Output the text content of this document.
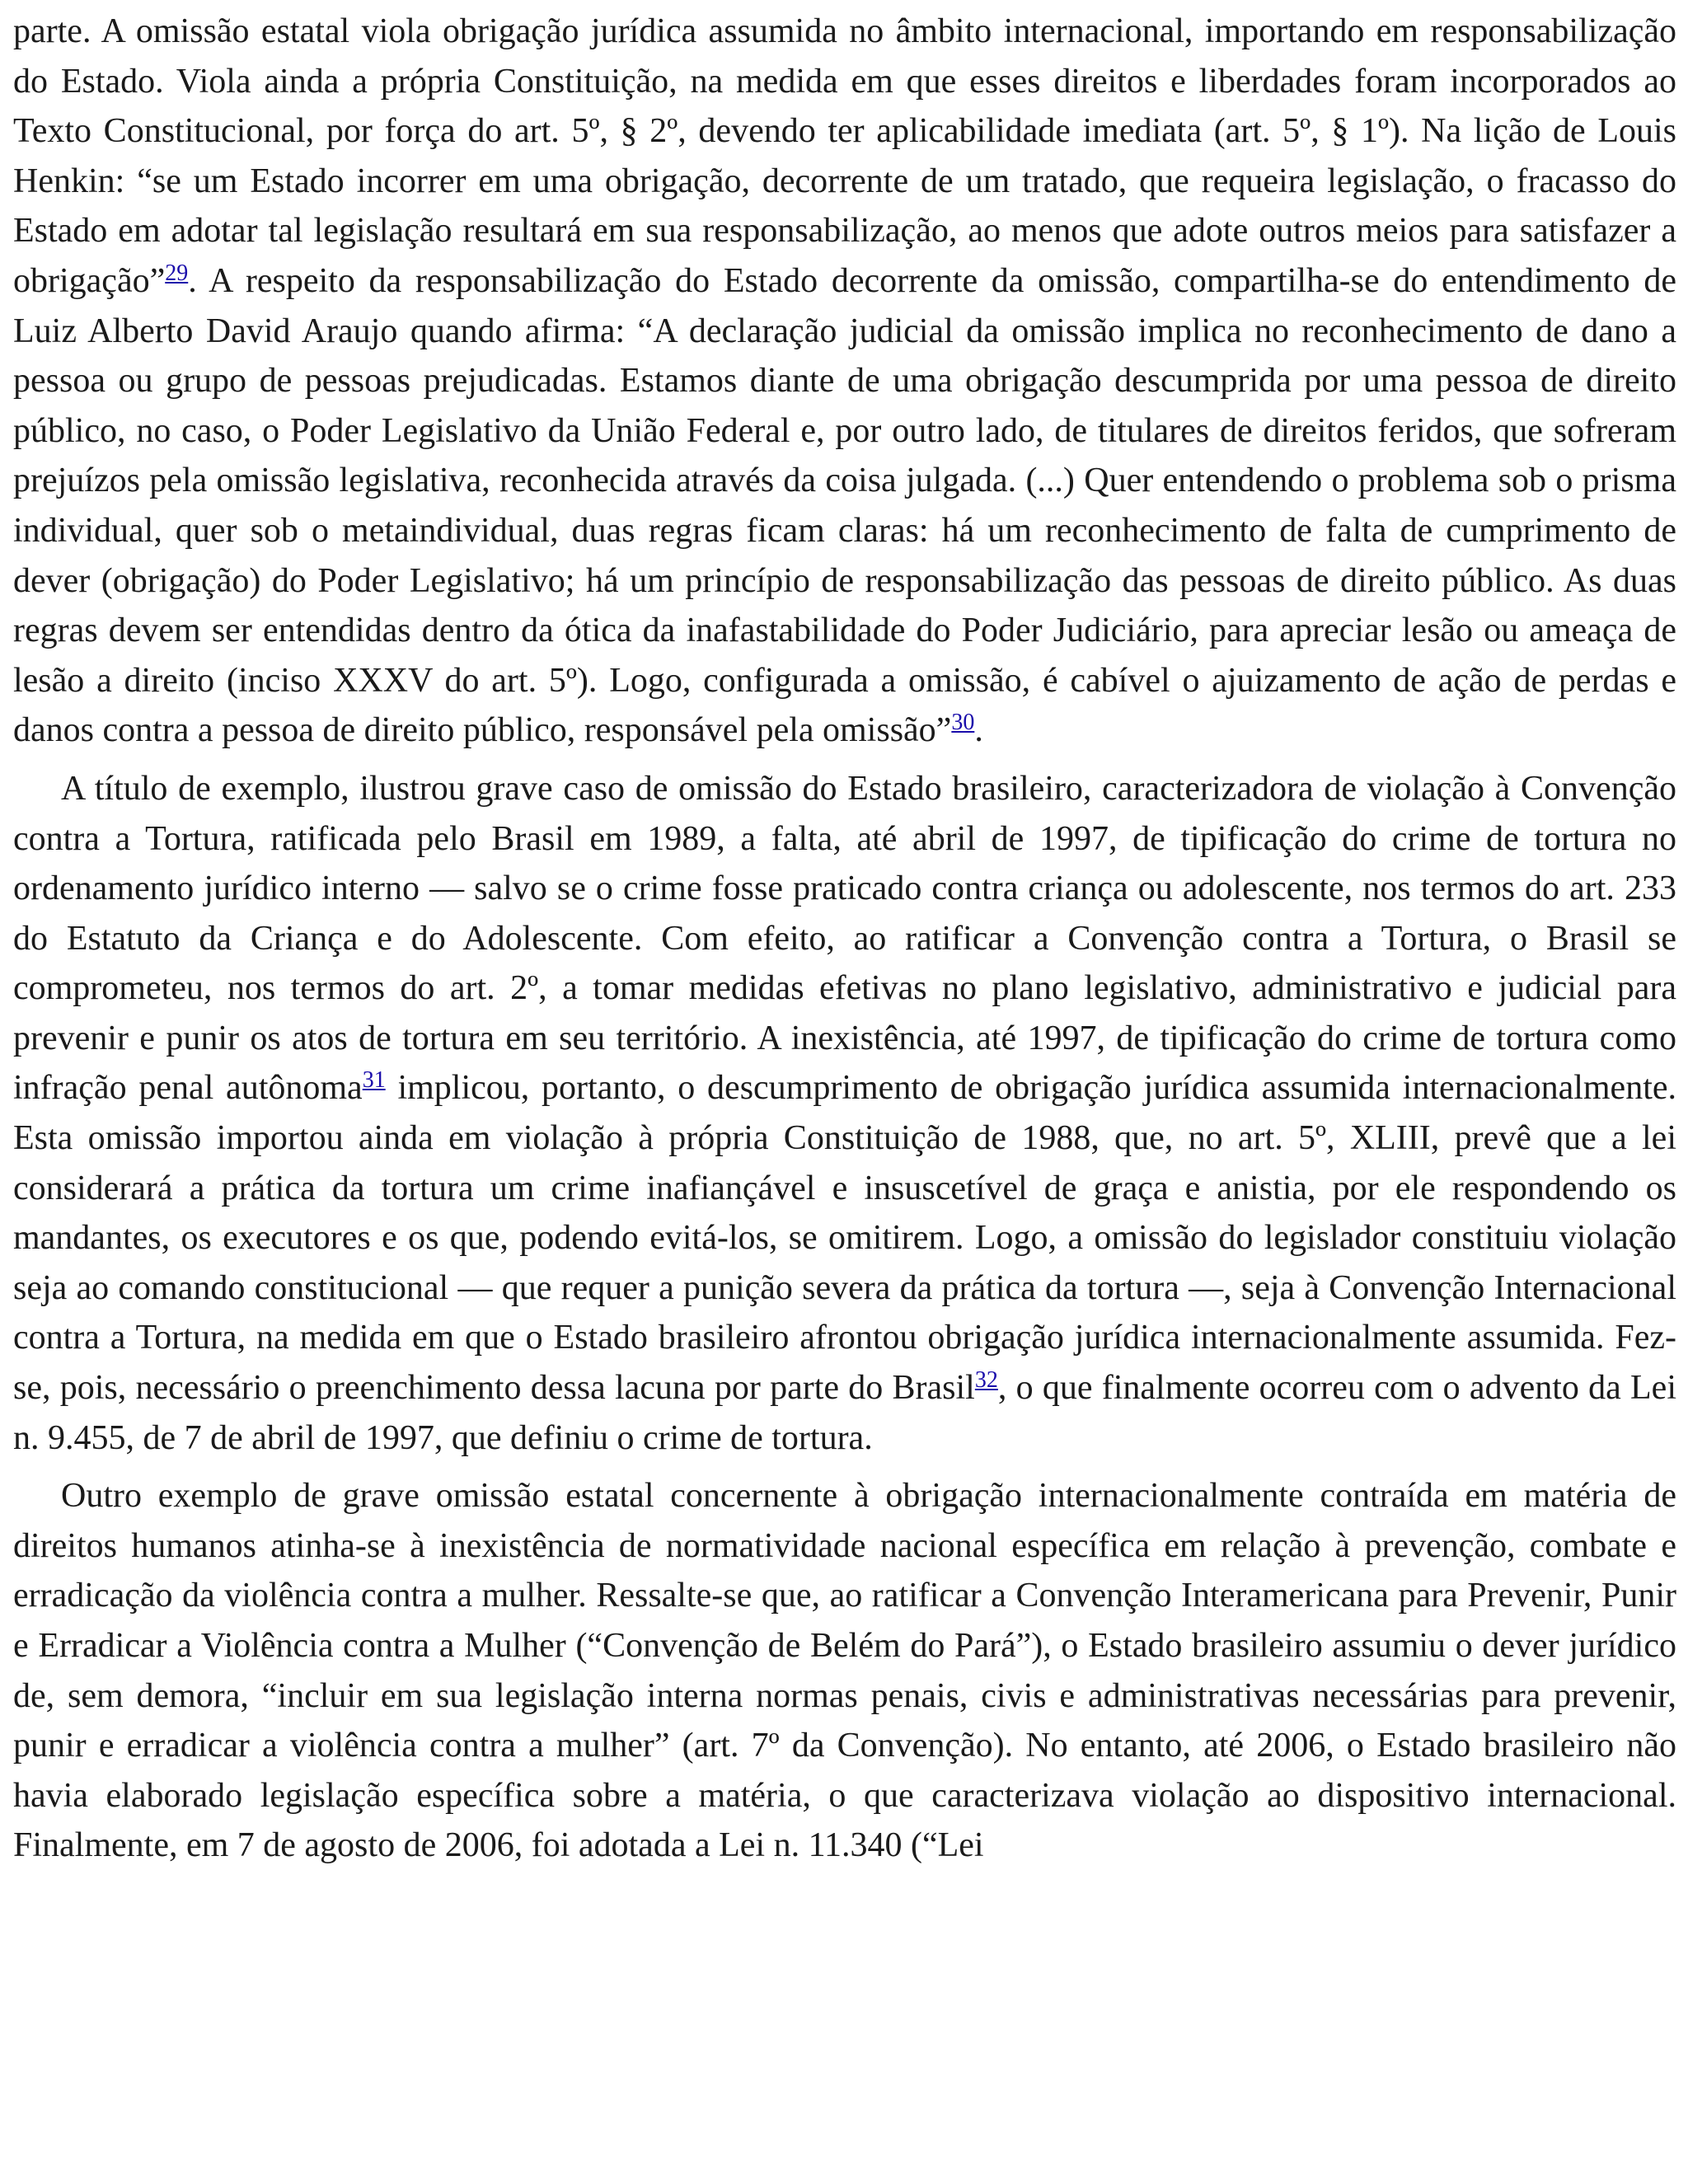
parte. A omissão estatal viola obrigação jurídica assumida no âmbito internacional, importando em responsabilização do Estado. Viola ainda a própria Constituição, na medida em que esses direitos e liberdades foram incorporados ao Texto Constitucional, por força do art. 5º, § 2º, devendo ter aplicabilidade imediata (art. 5º, § 1º). Na lição de Louis Henkin: “se um Estado incorrer em uma obrigação, decorrente de um tratado, que requeira legislação, o fracasso do Estado em adotar tal legislação resultará em sua responsabilização, ao menos que adote outros meios para satisfazer a obrigação”$^{29}$. A respeito da responsabilização do Estado decorrente da omissão, compartilha-se do entendimento de Luiz Alberto David Araujo quando afirma: “A declaração judicial da omissão implica no reconhecimento de dano a pessoa ou grupo de pessoas prejudicadas. Estamos diante de uma obrigação descumprida por uma pessoa de direito público, no caso, o Poder Legislativo da União Federal e, por outro lado, de titulares de direitos feridos, que sofreram prejuízos pela omissão legislativa, reconhecida através da coisa julgada. (...) Quer entendendo o problema sob o prisma individual, quer sob o metaindividual, duas regras ficam claras: há um reconhecimento de falta de cumprimento de dever (obrigação) do Poder Legislativo; há um princípio de responsabilização das pessoas de direito público. As duas regras devem ser entendidas dentro da ótica da inafastabilidade do Poder Judiciário, para apreciar lesão ou ameaça de lesão a direito (inciso XXXV do art. 5º). Logo, configurada a omissão, é cabível o ajuizamento de ação de perdas e danos contra a pessoa de direito público, responsável pela omissão”$^{30}$.

A título de exemplo, ilustrou grave caso de omissão do Estado brasileiro, caracterizadora de violação à Convenção contra a Tortura, ratificada pelo Brasil em 1989, a falta, até abril de 1997, de tipificação do crime de tortura no ordenamento jurídico interno — salvo se o crime fosse praticado contra criança ou adolescente, nos termos do art. 233 do Estatuto da Criança e do Adolescente. Com efeito, ao ratificar a Convenção contra a Tortura, o Brasil se comprometeu, nos termos do art. 2º, a tomar medidas efetivas no plano legislativo, administrativo e judicial para prevenir e punir os atos de tortura em seu território. A inexistência, até 1997, de tipificação do crime de tortura como infração penal autônoma$^{31}$ implicou, portanto, o descumprimento de obrigação jurídica assumida internacionalmente. Esta omissão importou ainda em violação à própria Constituição de 1988, que, no art. 5º, XLIII, prevê que a lei considerará a prática da tortura um crime inafiançável e insuscetível de graça e anistia, por ele respondendo os mandantes, os executores e os que, podendo evitá-los, se omitirem. Logo, a omissão do legislador constituiu violação seja ao comando constitucional — que requer a punição severa da prática da tortura —, seja à Convenção Internacional contra a Tortura, na medida em que o Estado brasileiro afrontou obrigação jurídica internacionalmente assumida. Fez-se, pois, necessário o preenchimento dessa lacuna por parte do Brasil$^{32}$, o que finalmente ocorreu com o advento da Lei n. 9.455, de 7 de abril de 1997, que definiu o crime de tortura.

Outro exemplo de grave omissão estatal concernente à obrigação internacionalmente contraída em matéria de direitos humanos atinha-se à inexistência de normatividade nacional específica em relação à prevenção, combate e erradicação da violência contra a mulher. Ressalte-se que, ao ratificar a Convenção Interamericana para Prevenir, Punir e Erradicar a Violência contra a Mulher (“Convenção de Belém do Pará”), o Estado brasileiro assumiu o dever jurídico de, sem demora, “incluir em sua legislação interna normas penais, civis e administrativas necessárias para prevenir, punir e erradicar a violência contra a mulher” (art. 7º da Convenção). No entanto, até 2006, o Estado brasileiro não havia elaborado legislação específica sobre a matéria, o que caracterizava violação ao dispositivo internacional. Finalmente, em 7 de agosto de 2006, foi adotada a Lei n. 11.340 (“Lei
